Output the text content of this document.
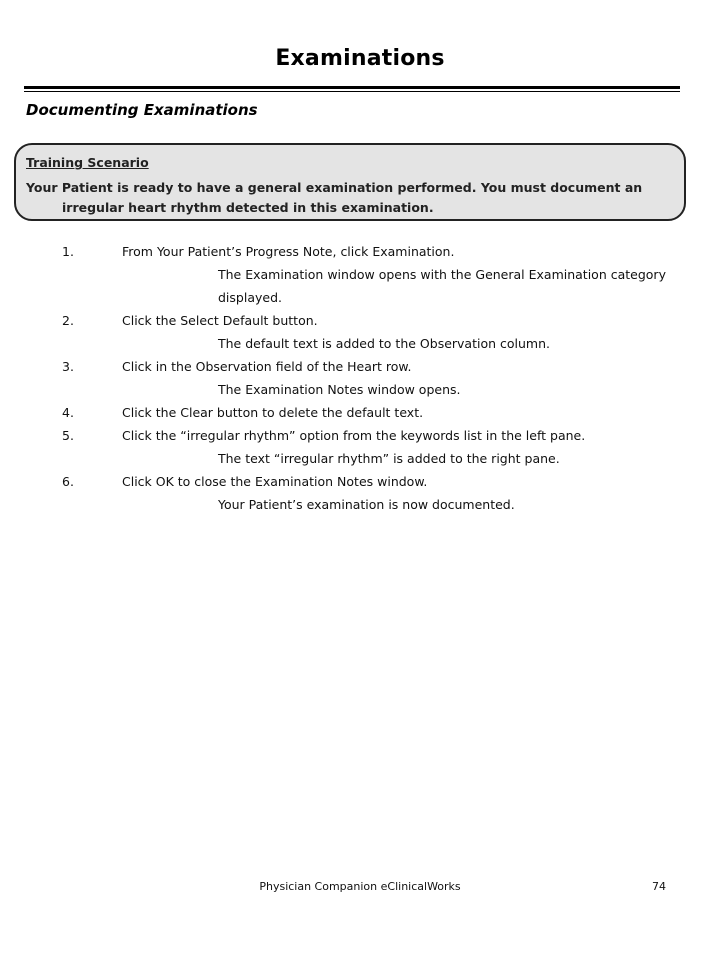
Examinations
Documenting Examinations
Training Scenario
Your Patient is ready to have a general examination performed. You must document an irregular heart rhythm detected in this examination.
1.	From Your Patient’s Progress Note, click Examination.
The Examination window opens with the General Examination category
displayed.
2.	Click the Select Default button.
The default text is added to the Observation column.
3.	Click in the Observation field of the Heart row.
The Examination Notes window opens.
4.	Click the Clear button to delete the default text.
5.	Click the “irregular rhythm” option from the keywords list in the left pane.
The text “irregular rhythm” is added to the right pane.
6.	Click OK to close the Examination Notes window.
Your Patient’s examination is now documented.
Physician Companion eClinicalWorks	74
